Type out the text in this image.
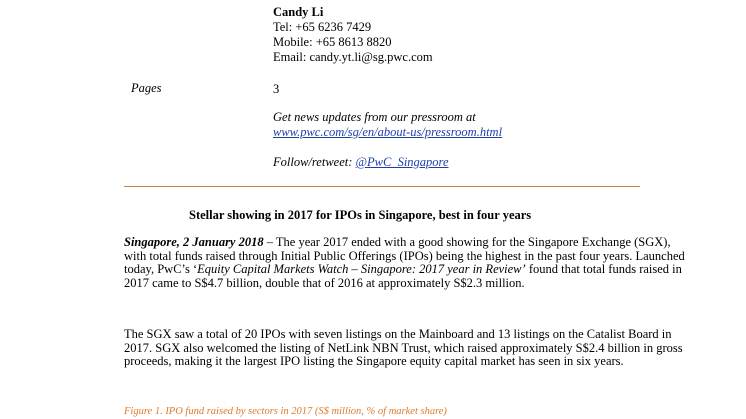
Candy Li
Tel: +65 6236 7429
Mobile: +65 8613 8820
Email: candy.yt.li@sg.pwc.com
Pages	3
Get news updates from our pressroom at
www.pwc.com/sg/en/about-us/pressroom.html
Follow/retweet: @PwC_Singapore
Stellar showing in 2017 for IPOs in Singapore, best in four years

Singapore, 2 January 2018 – The year 2017 ended with a good showing for the Singapore Exchange (SGX), with total funds raised through Initial Public Offerings (IPOs) being the highest in the past four years. Launched today, PwC’s ‘Equity Capital Markets Watch – Singapore: 2017 year in Review’ found that total funds raised in 2017 came to S$4.7 billion, double that of 2016 at approximately S$2.3 million.

The SGX saw a total of 20 IPOs with seven listings on the Mainboard and 13 listings on the Catalist Board in 2017. SGX also welcomed the listing of NetLink NBN Trust, which raised approximately S$2.4 billion in gross proceeds, making it the largest IPO listing the Singapore equity capital market has seen in six years.

Figure 1. IPO fund raised by sectors in 2017 (S$ million, % of market share)
